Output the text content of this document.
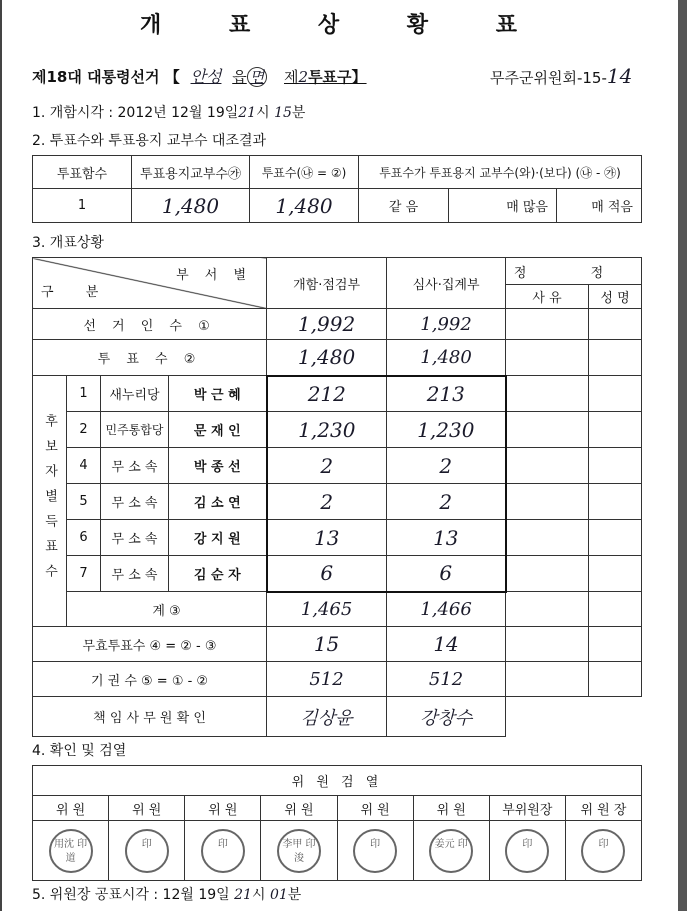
개 표 상 황 표
제18대 대통령선거 【 안성 읍 면 제2투표구】	무주군위원회-15-14
1. 개함시각 : 2012년 12월 19일21시 15분
2. 투표수와 투표용지 교부수 대조결과
투표함수	투표용지교부수㉮	투표수(㉯ = ②)	투표수가 투표용지 교부수(와)·(보다) (㉯ - ㉮)		
1	1,480	1,480	같 음	매 많음	매 적음
3. 개표상황
부 서 별
구 분				개함·점검부	심사·집계부	정 정	
						사 유	성 명
선 거 인 수 ①				1,992	1,992		
투 표 수 ②				1,480	1,480		
후보자별득표수	1	새누리당	박 근 혜	212	213		
	2	민주통합당	문 재 인	1,230	1,230		
	4	무 소 속	박 종 선	2	2		
	5	무 소 속	김 소 연	2	2		
	6	무 소 속	강 지 원	13	13		
	7	무 소 속	김 순 자	6	6		
	계 ③			1,465	1,466		
무효투표수 ④ = ② - ③				15	14		
기 권 수 ⑤ = ① - ②				512	512		
책 임 사 무 원 확 인				김상윤	강창수		
4. 확인 및 검열
위 원 검 열							
위 원	위 원	위 원	위 원	위 원	위 원	부위원장	위 원 장
用沈 印道	印	印	李甲 印浚	印	姜元 印	印	印
5. 위원장 공표시각 : 12월 19일 21시 01분
